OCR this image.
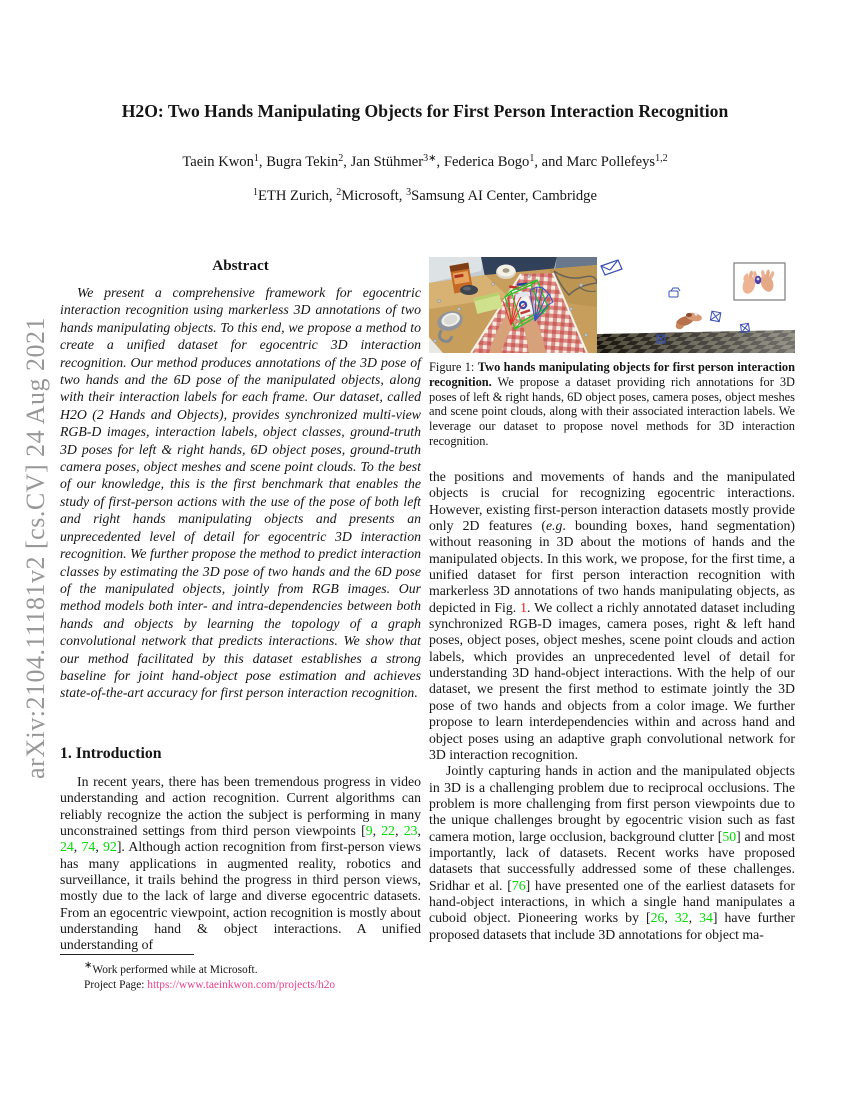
arXiv:2104.11181v2 [cs.CV] 24 Aug 2021
H2O: Two Hands Manipulating Objects for First Person Interaction Recognition
Taein Kwon$^1$, Bugra Tekin$^2$, Jan Stühmer$^{3∗}$, Federica Bogo$^1$, and Marc Pollefeys$^{1,2}$
$^1$ETH Zurich, $^2$Microsoft, $^3$Samsung AI Center, Cambridge
Abstract
We present a comprehensive framework for egocentric interaction recognition using markerless 3D annotations of two hands manipulating objects. To this end, we propose a method to create a unified dataset for egocentric 3D interaction recognition. Our method produces annotations of the 3D pose of two hands and the 6D pose of the manipulated objects, along with their interaction labels for each frame. Our dataset, called H2O (2 Hands and Objects), provides synchronized multi-view RGB-D images, interaction labels, object classes, ground-truth 3D poses for left & right hands, 6D object poses, ground-truth camera poses, object meshes and scene point clouds. To the best of our knowledge, this is the first benchmark that enables the study of first-person actions with the use of the pose of both left and right hands manipulating objects and presents an unprecedented level of detail for egocentric 3D interaction recognition. We further propose the method to predict interaction classes by estimating the 3D pose of two hands and the 6D pose of the manipulated objects, jointly from RGB images. Our method models both inter- and intra-dependencies between both hands and objects by learning the topology of a graph convolutional network that predicts interactions. We show that our method facilitated by this dataset establishes a strong baseline for joint hand-object pose estimation and achieves state-of-the-art accuracy for first person interaction recognition.
1. Introduction
In recent years, there has been tremendous progress in video understanding and action recognition. Current algorithms can reliably recognize the action the subject is performing in many unconstrained settings from third person viewpoints [9, 22, 23, 24, 74, 92]. Although action recognition from first-person views has many applications in augmented reality, robotics and surveillance, it trails behind the progress in third person views, mostly due to the lack of large and diverse egocentric datasets. From an egocentric viewpoint, action recognition is mostly about understanding hand & object interactions. A unified understanding of
∗Work performed while at Microsoft.
Project Page: https://www.taeinkwon.com/projects/h2o
Figure 1: Two hands manipulating objects for first person interaction recognition. We propose a dataset providing rich annotations for 3D poses of left & right hands, 6D object poses, camera poses, object meshes and scene point clouds, along with their associated interaction labels. We leverage our dataset to propose novel methods for 3D interaction recognition.

the positions and movements of hands and the manipulated objects is crucial for recognizing egocentric interactions. However, existing first-person interaction datasets mostly provide only 2D features (e.g. bounding boxes, hand segmentation) without reasoning in 3D about the motions of hands and the manipulated objects. In this work, we propose, for the first time, a unified dataset for first person interaction recognition with markerless 3D annotations of two hands manipulating objects, as depicted in Fig. 1. We collect a richly annotated dataset including synchronized RGB-D images, camera poses, right & left hand poses, object poses, object meshes, scene point clouds and action labels, which provides an unprecedented level of detail for understanding 3D hand-object interactions. With the help of our dataset, we present the first method to estimate jointly the 3D pose of two hands and objects from a color image. We further propose to learn interdependencies within and across hand and object poses using an adaptive graph convolutional network for 3D interaction recognition.

Jointly capturing hands in action and the manipulated objects in 3D is a challenging problem due to reciprocal occlusions. The problem is more challenging from first person viewpoints due to the unique challenges brought by egocentric vision such as fast camera motion, large occlusion, background clutter [50] and most importantly, lack of datasets. Recent works have proposed datasets that successfully addressed some of these challenges. Sridhar et al. [76] have presented one of the earliest datasets for hand-object interactions, in which a single hand manipulates a cuboid object. Pioneering works by [26, 32, 34] have further proposed datasets that include 3D annotations for object ma-
